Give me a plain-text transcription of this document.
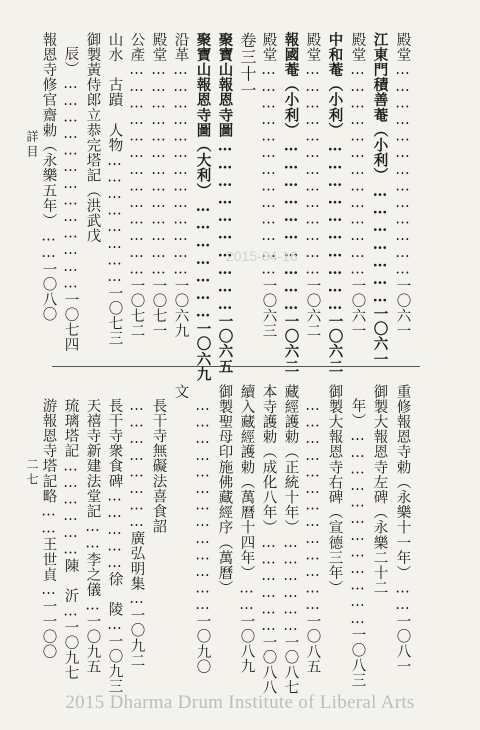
殿堂…………………………………一〇六一
江東門積善菴（小利）…………………一〇六一
殿堂…………………………………一〇六一
中和菴（小利）…………………………一〇六二
殿堂…………………………………一〇六二
報國菴（小利）…………………………一〇六二
殿堂…………………………………一〇六三
卷三十一
聚寶山報恩寺圖…………………………一〇六五
聚寶山報恩寺圖（大利）…………………一〇六九
沿革…………………………………一〇六九
殿堂…………………………………一〇七一
公產…………………………………一〇七二
山水　古蹟　人物……………………一〇七三
御製黃侍郎立恭完塔記（洪武戊
辰）…………………………………一〇七四
報恩寺修官齋勅（永樂五年）……一〇八〇
重修報恩寺勅（永樂十一年）……一〇八一
御製大報恩寺左碑（永樂二十二
年）………………………………一〇八三
御製大報恩寺右碑（宣德三年）
…………………………………一〇八五
藏經護勅（正統十年）………………一〇八七
本寺護勅（成化八年）………………一〇八八
續入藏經護勅（萬曆十四年）……一〇八九
御製聖母印施佛藏經序（萬曆）
…………………………………一〇九〇
文
長干寺無礙法喜食詔
……………………廣弘明集…一〇九二
長干寺衆食碑……………徐　陵…一〇九三
天禧寺新建法堂記……李之儀…一〇九五
琉璃塔記………………陳　沂…一〇九七
游報恩寺塔記略……王世貞…一一〇〇
詳目
二七
2015-04-16
2015 Dharma Drum Institute of Liberal Arts
